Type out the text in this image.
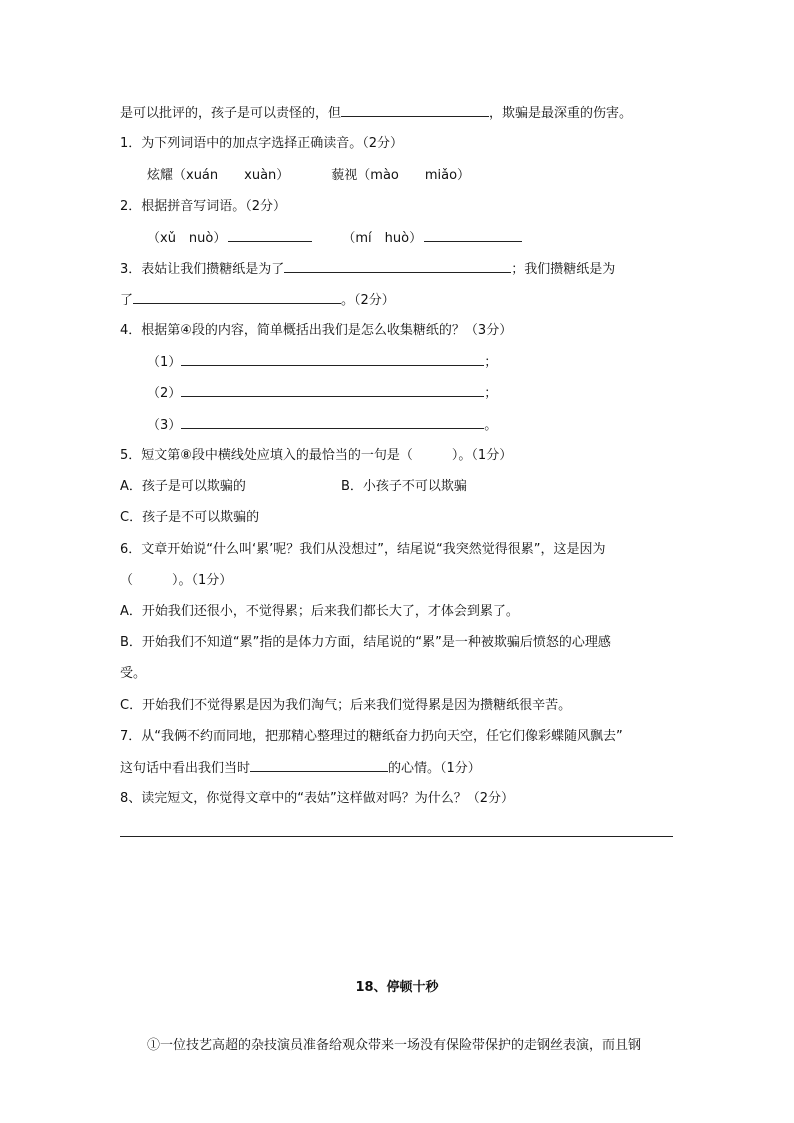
是可以批评的，孩子是可以责怪的，但	，欺骗是最深重的伤害。
1．为下列词语中的加点字选择正确读音。（2分）
炫耀（xuán　　xuàn）	藐视（mào　　miǎo）
2．根据拼音写词语。（2分）
（xǔ　nuò）	（mí　huò）
3．表姑让我们攒糖纸是为了	；我们攒糖纸是为
了	。（2分）
4．根据第④段的内容，简单概括出我们是怎么收集糖纸的？（3分）
（1）	；
（2）	；
（3）	。
5．短文第⑧段中横线处应填入的最恰当的一句是（　　　）。（1分）
A．孩子是可以欺骗的	B．小孩子不可以欺骗
C．孩子是不可以欺骗的
6．文章开始说“什么叫‘累’呢？我们从没想过”，结尾说“我突然觉得很累”，这是因为
（　　　）。（1分）
A．开始我们还很小，不觉得累；后来我们都长大了，才体会到累了。
B．开始我们不知道“累”指的是体力方面，结尾说的“累”是一种被欺骗后愤怒的心理感
受。
C．开始我们不觉得累是因为我们淘气；后来我们觉得累是因为攒糖纸很辛苦。
7．从“我俩不约而同地，把那精心整理过的糖纸奋力扔向天空，任它们像彩蝶随风飘去”
这句话中看出我们当时	的心情。（1分）
8、读完短文，你觉得文章中的“表姑”这样做对吗？为什么？（2分）
18、停顿十秒
①一位技艺高超的杂技演员准备给观众带来一场没有保险带保护的走钢丝表演，而且钢
